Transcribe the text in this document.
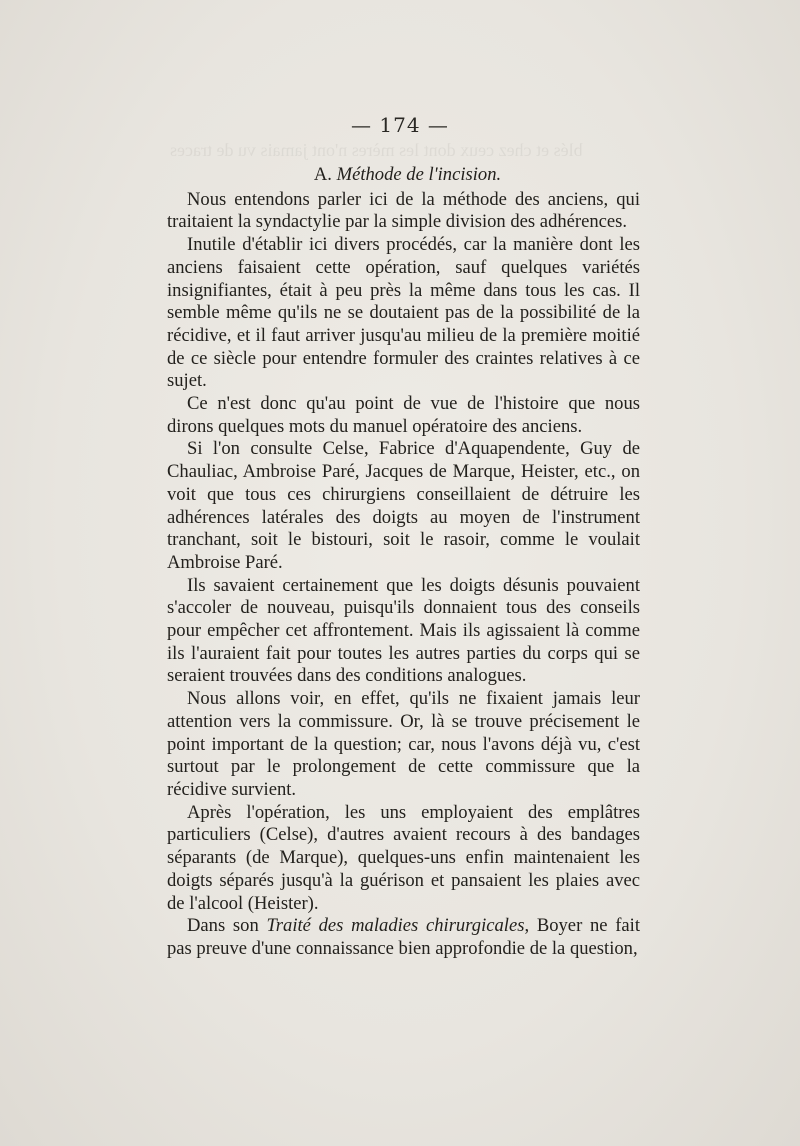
blés et chez ceux dont les mères n'ont jamais vu de traces
— 174 —
A. Méthode de l'incision.

Nous entendons parler ici de la méthode des anciens, qui traitaient la syndactylie par la simple division des adhérences.

Inutile d'établir ici divers procédés, car la manière dont les anciens faisaient cette opération, sauf quelques variétés insignifiantes, était à peu près la même dans tous les cas. Il semble même qu'ils ne se doutaient pas de la possibilité de la récidive, et il faut arriver jusqu'au milieu de la première moitié de ce siècle pour entendre formuler des craintes relatives à ce sujet.

Ce n'est donc qu'au point de vue de l'histoire que nous dirons quelques mots du manuel opératoire des anciens.

Si l'on consulte Celse, Fabrice d'Aquapendente, Guy de Chauliac, Ambroise Paré, Jacques de Marque, Heister, etc., on voit que tous ces chirurgiens conseillaient de détruire les adhérences latérales des doigts au moyen de l'instrument tranchant, soit le bistouri, soit le rasoir, comme le voulait Ambroise Paré.

Ils savaient certainement que les doigts désunis pouvaient s'accoler de nouveau, puisqu'ils donnaient tous des conseils pour empêcher cet affrontement. Mais ils agissaient là comme ils l'auraient fait pour toutes les autres parties du corps qui se seraient trouvées dans des conditions analogues.

Nous allons voir, en effet, qu'ils ne fixaient jamais leur attention vers la commissure. Or, là se trouve précisement le point important de la question; car, nous l'avons déjà vu, c'est surtout par le prolongement de cette commissure que la récidive survient.

Après l'opération, les uns employaient des emplâtres particuliers (Celse), d'autres avaient recours à des bandages séparants (de Marque), quelques-uns enfin maintenaient les doigts séparés jusqu'à la guérison et pansaient les plaies avec de l'alcool (Heister).

Dans son Traité des maladies chirurgicales, Boyer ne fait pas preuve d'une connaissance bien approfondie de la question,
